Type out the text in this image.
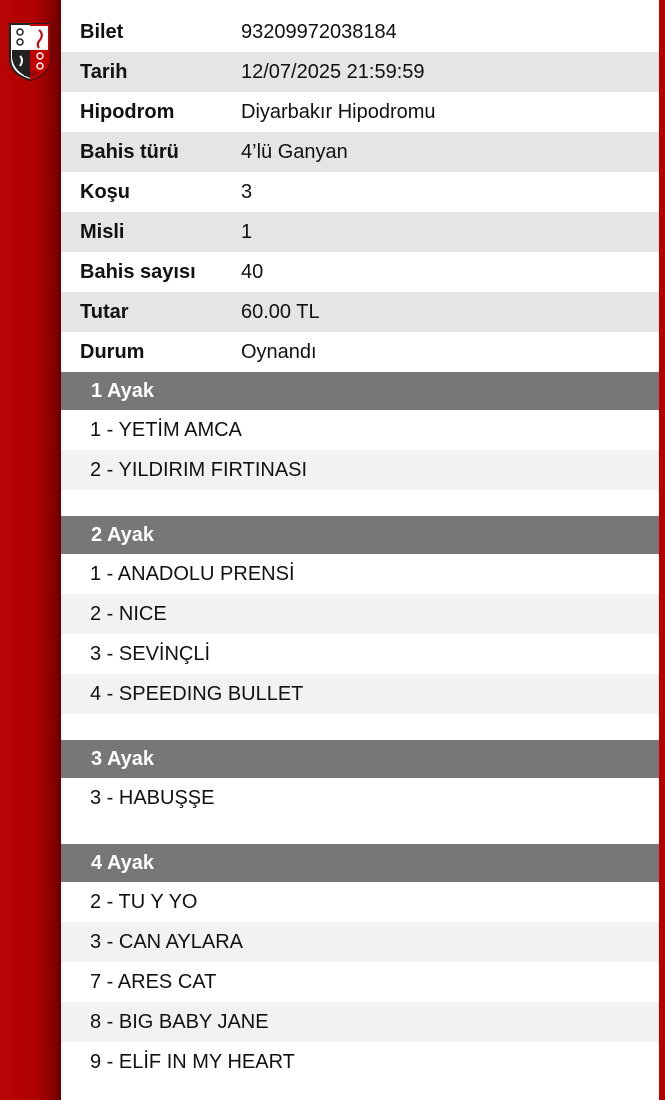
1950
Bilet	93209972038184
Tarih	12/07/2025 21:59:59
Hipodrom	Diyarbakır Hipodromu
Bahis türü	4’lü Ganyan
Koşu	3
Misli	1
Bahis sayısı	40
Tutar	60.00 TL
Durum	Oynandı
1 Ayak
1 - YETİM AMCA
2 - YILDIRIM FIRTINASI
2 Ayak
1 - ANADOLU PRENSİ
2 - NICE
3 - SEVİNÇLİ
4 - SPEEDING BULLET
3 Ayak
3 - HABUŞŞE
4 Ayak
2 - TU Y YO
3 - CAN AYLARA
7 - ARES CAT
8 - BIG BABY JANE
9 - ELİF IN MY HEART
